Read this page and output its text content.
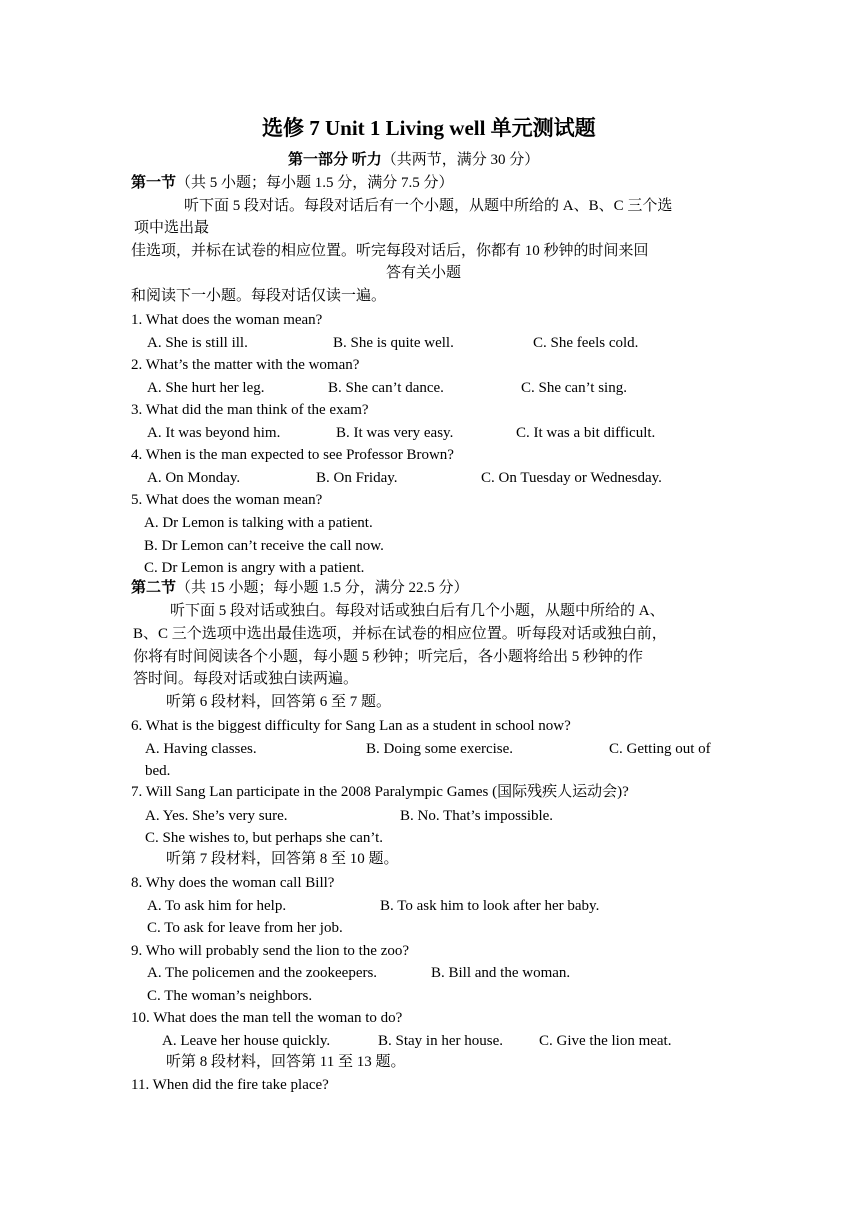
选修 7 Unit 1 Living well 单元测试题
第一部分 听力（共两节，满分 30 分）
第一节（共 5 小题；每小题 1.5 分，满分 7.5 分）
听下面 5 段对话。每段对话后有一个小题，从题中所给的 A、B、C 三个选
项中选出最
佳选项，并标在试卷的相应位置。听完每段对话后，你都有 10 秒钟的时间来回
答有关小题
和阅读下一小题。每段对话仅读一遍。
1. What does the woman mean?
A. She is still ill.	B. She is quite well.	C. She feels cold.
2. What’s the matter with the woman?
A. She hurt her leg.	B. She can’t dance.	C. She can’t sing.
3. What did the man think of the exam?
A. It was beyond him.	B. It was very easy.	C. It was a bit difficult.
4. When is the man expected to see Professor Brown?
A. On Monday.	B. On Friday.	C. On Tuesday or Wednesday.
5. What does the woman mean?
A. Dr Lemon is talking with a patient.
B. Dr Lemon can’t receive the call now.
C. Dr Lemon is angry with a patient.
第二节（共 15 小题；每小题 1.5 分，满分 22.5 分）
听下面 5 段对话或独白。每段对话或独白后有几个小题，从题中所给的 A、
B、C 三个选项中选出最佳选项，并标在试卷的相应位置。听每段对话或独白前，
你将有时间阅读各个小题，每小题 5 秒钟；听完后，各小题将给出 5 秒钟的作
答时间。每段对话或独白读两遍。
听第 6 段材料，回答第 6 至 7 题。
6. What is the biggest difficulty for Sang Lan as a student in school now?
A. Having classes.	B. Doing some exercise.	C. Getting out of
bed.
7. Will Sang Lan participate in the 2008 Paralympic Games (国际残疾人运动会)?
A. Yes. She’s very sure.	B. No. That’s impossible.
C. She wishes to, but perhaps she can’t.
听第 7 段材料，回答第 8 至 10 题。
8. Why does the woman call Bill?
A. To ask him for help.	B. To ask him to look after her baby.
C. To ask for leave from her job.
9. Who will probably send the lion to the zoo?
A. The policemen and the zookeepers.	B. Bill and the woman.
C. The woman’s neighbors.
10. What does the man tell the woman to do?
A. Leave her house quickly.	B. Stay in her house. C. Give the lion meat.
听第 8 段材料，回答第 11 至 13 题。
11. When did the fire take place?
